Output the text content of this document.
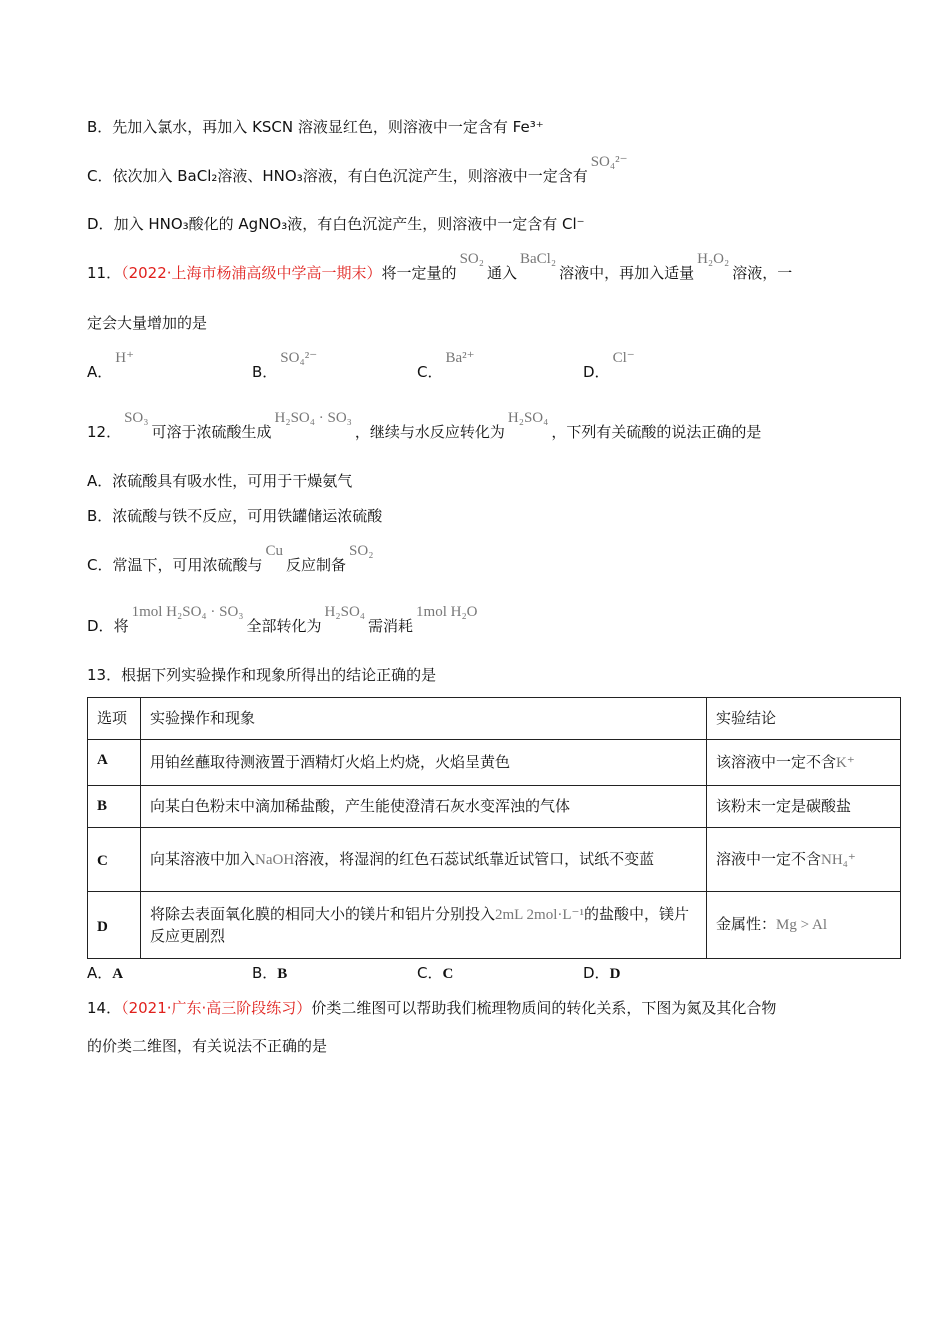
B．先加入氯水，再加入 KSCN 溶液显红色，则溶液中一定含有 Fe³⁺
C．依次加入 BaCl₂溶液、HNO₃溶液，有白色沉淀产生，则溶液中一定含有SO₄²⁻
D．加入 HNO₃酸化的 AgNO₃液，有白色沉淀产生，则溶液中一定含有 Cl⁻
11．（2022·上海市杨浦高级中学高一期末）将一定量的SO₂通入BaCl₂溶液中，再加入适量H₂O₂溶液，一
定会大量增加的是
A．H⁺
B．SO₄²⁻
C．Ba²⁺
D．Cl⁻
12．SO₃可溶于浓硫酸生成H₂SO₄ · SO₃，继续与水反应转化为H₂SO₄，下列有关硫酸的说法正确的是
A．浓硫酸具有吸水性，可用于干燥氨气
B．浓硫酸与铁不反应，可用铁罐储运浓硫酸
C．常温下，可用浓硫酸与Cu反应制备SO₂
D．将1mol H₂SO₄ · SO₃全部转化为H₂SO₄需消耗1mol H₂O
13．根据下列实验操作和现象所得出的结论正确的是
选项	实验操作和现象	实验结论
A	用铂丝蘸取待测液置于酒精灯火焰上灼烧，火焰呈黄色	该溶液中一定不含K⁺
B	向某白色粉末中滴加稀盐酸，产生能使澄清石灰水变浑浊的气体	该粉末一定是碳酸盐
C	向某溶液中加入NaOH溶液，将湿润的红色石蕊试纸靠近试管口，试纸不变蓝	溶液中一定不含NH₄⁺
D	将除去表面氧化膜的相同大小的镁片和铝片分别投入2mL 2mol·L⁻¹的盐酸中，镁片反应更剧烈	金属性：Mg > Al
A．A	B．B	C．C	D．D
14．（2021·广东·高三阶段练习）价类二维图可以帮助我们梳理物质间的转化关系，下图为氮及其化合物
的价类二维图，有关说法不正确的是
